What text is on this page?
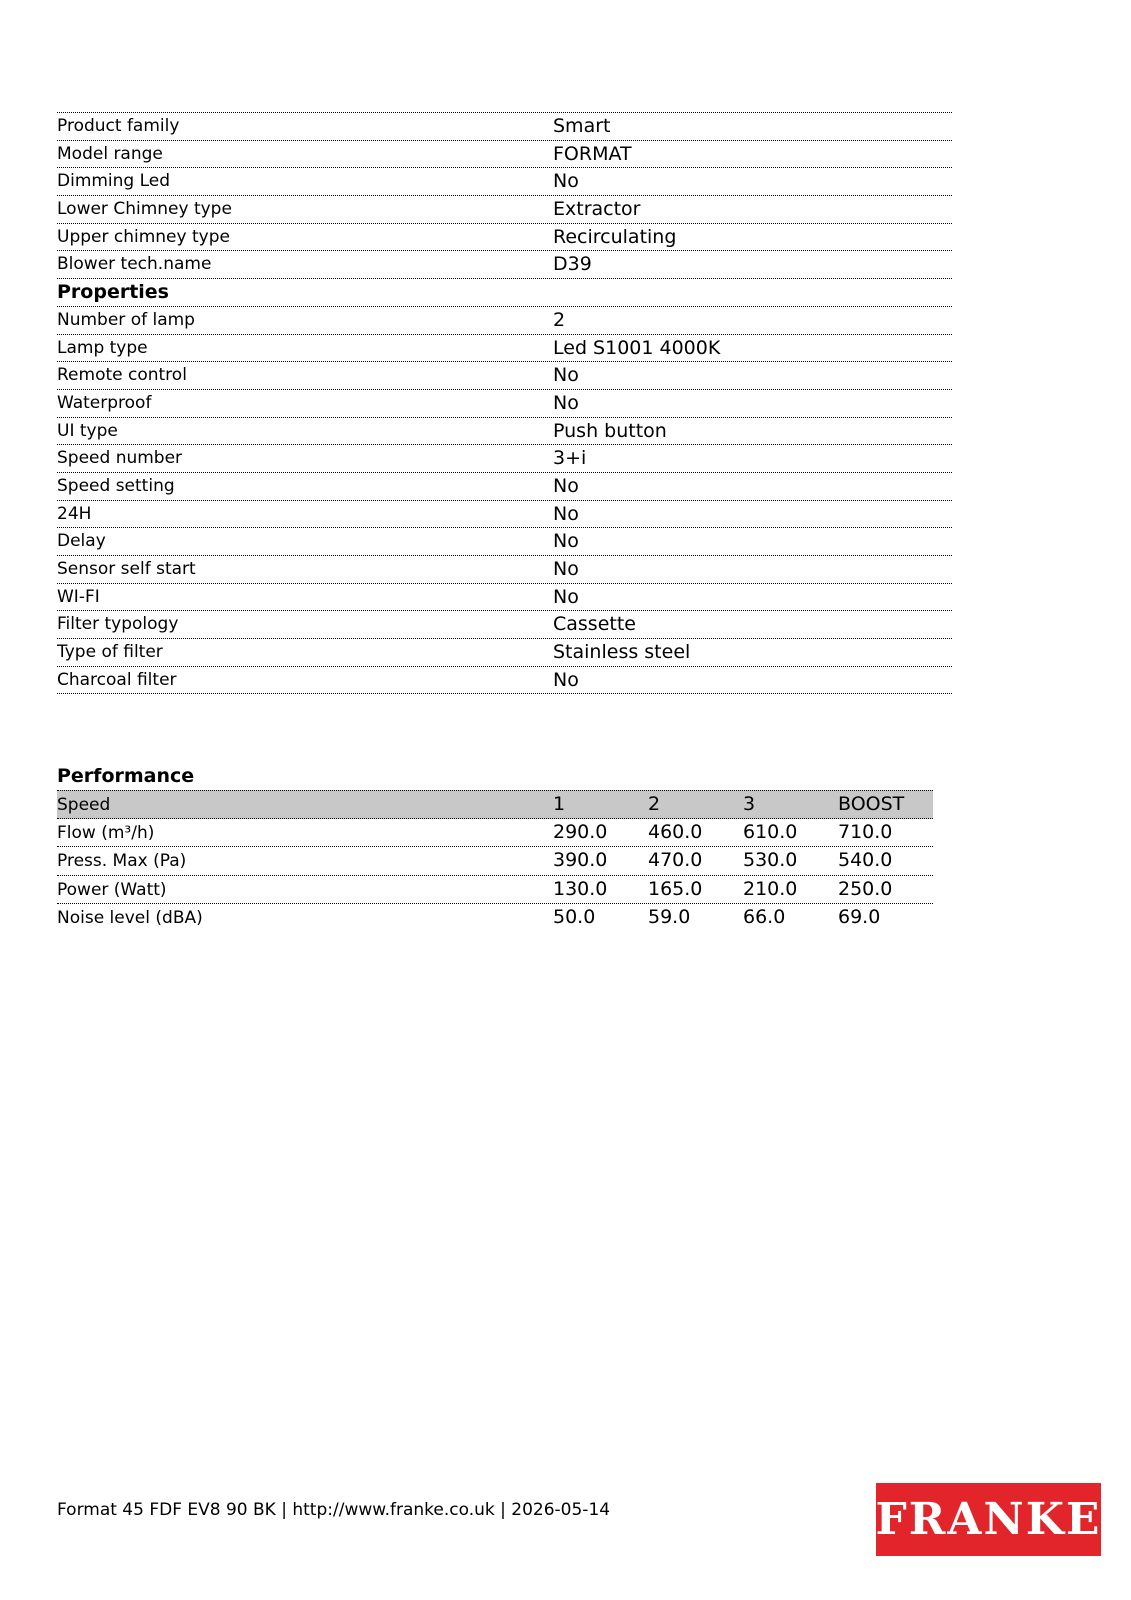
Product family	Smart
Model range	FORMAT
Dimming Led	No
Lower Chimney type	Extractor
Upper chimney type	Recirculating
Blower tech.name	D39
Properties
Number of lamp	2
Lamp type	Led S1001 4000K
Remote control	No
Waterproof	No
UI type	Push button
Speed number	3+i
Speed setting	No
24H	No
Delay	No
Sensor self start	No
WI-FI	No
Filter typology	Cassette
Type of filter	Stainless steel
Charcoal filter	No
Performance
Speed	1	2	3	BOOST
Flow (m³/h)	290.0	460.0	610.0	710.0
Press. Max (Pa)	390.0	470.0	530.0	540.0
Power (Watt)	130.0	165.0	210.0	250.0
Noise level (dBA)	50.0	59.0	66.0	69.0
Format 45 FDF EV8 90 BK | http://www.franke.co.uk | 2026-05-14	FRANKE
